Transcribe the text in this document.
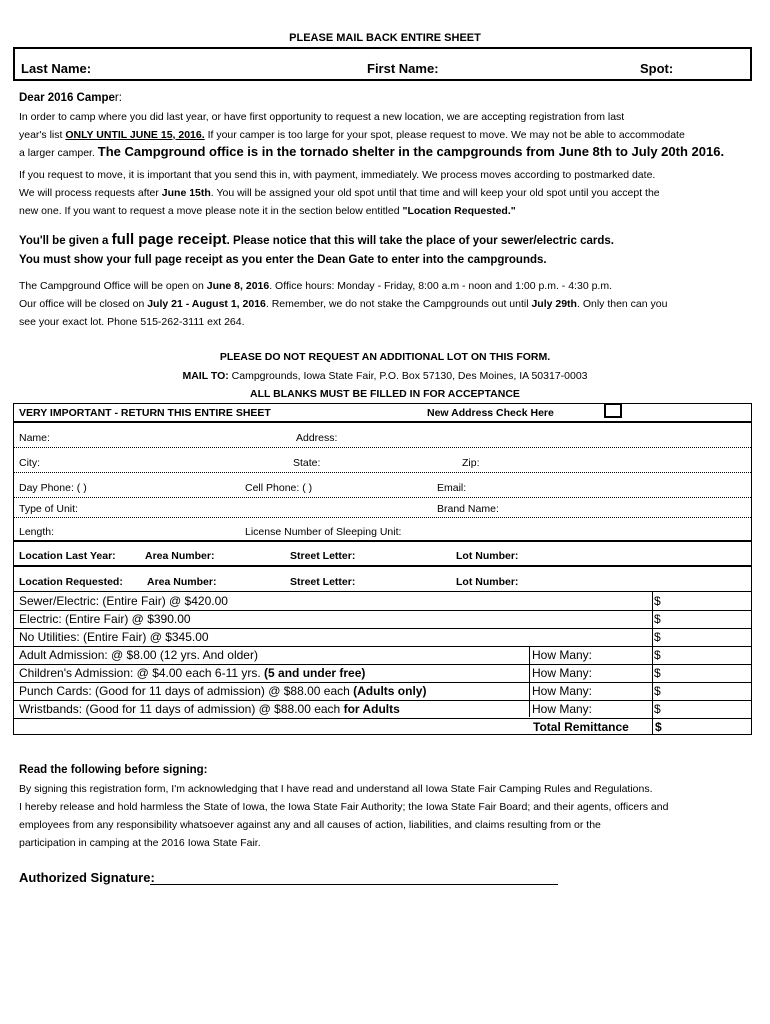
PLEASE MAIL BACK ENTIRE SHEET
Last Name:	First Name:	Spot:
Dear 2016 Camper:
In order to camp where you did last year, or have first opportunity to request a new location, we are accepting registration from last
year's list ONLY UNTIL JUNE 15, 2016. If your camper is too large for your spot, please request to move. We may not be able to accommodate
a larger camper. The Campground office is in the tornado shelter in the campgrounds from June 8th to July 20th 2016.
If you request to move, it is important that you send this in, with payment, immediately. We process moves according to postmarked date.
We will process requests after June 15th. You will be assigned your old spot until that time and will keep your old spot until you accept the
new one. If you want to request a move please note it in the section below entitled "Location Requested."
You'll be given a full page receipt. Please notice that this will take the place of your sewer/electric cards.
You must show your full page receipt as you enter the Dean Gate to enter into the campgrounds.
The Campground Office will be open on June 8, 2016. Office hours: Monday - Friday, 8:00 a.m - noon and 1:00 p.m. - 4:30 p.m.
Our office will be closed on July 21 - August 1, 2016. Remember, we do not stake the Campgrounds out until July 29th. Only then can you
see your exact lot. Phone 515-262-3111 ext 264.
PLEASE DO NOT REQUEST AN ADDITIONAL LOT ON THIS FORM.
MAIL TO: Campgrounds, Iowa State Fair, P.O. Box 57130, Des Moines, IA 50317-0003
ALL BLANKS MUST BE FILLED IN FOR ACCEPTANCE
VERY IMPORTANT - RETURN THIS ENTIRE SHEET	New Address Check Here
Name:	Address:
City:	State:	Zip:
Day Phone: ( )	Cell Phone: ( )	Email:
Type of Unit:	Brand Name:
Length:	License Number of Sleeping Unit:
Location Last Year:	Area Number:	Street Letter:	Lot Number:
Location Requested: Area Number:	Street Letter:	Lot Number:
Sewer/Electric: (Entire Fair) @ $420.00	$
Electric: (Entire Fair) @ $390.00	$
No Utilities: (Entire Fair) @ $345.00	$
Adult Admission: @ $8.00 (12 yrs. And older)	How Many:	$
Children's Admission: @ $4.00 each 6-11 yrs. (5 and under free)	How Many:	$
Punch Cards: (Good for 11 days of admission) @ $88.00 each (Adults only)	How Many:	$
Wristbands: (Good for 11 days of admission) @ $88.00 each for Adults	How Many:	$
Total Remittance $
Read the following before signing:
By signing this registration form, I'm acknowledging that I have read and understand all Iowa State Fair Camping Rules and Regulations.
I hereby release and hold harmless the State of Iowa, the Iowa State Fair Authority; the Iowa State Fair Board; and their agents, officers and
employees from any responsibility whatsoever against any and all causes of action, liabilities, and claims resulting from or the
participation in camping at the 2016 Iowa State Fair.
Authorized Signature:
